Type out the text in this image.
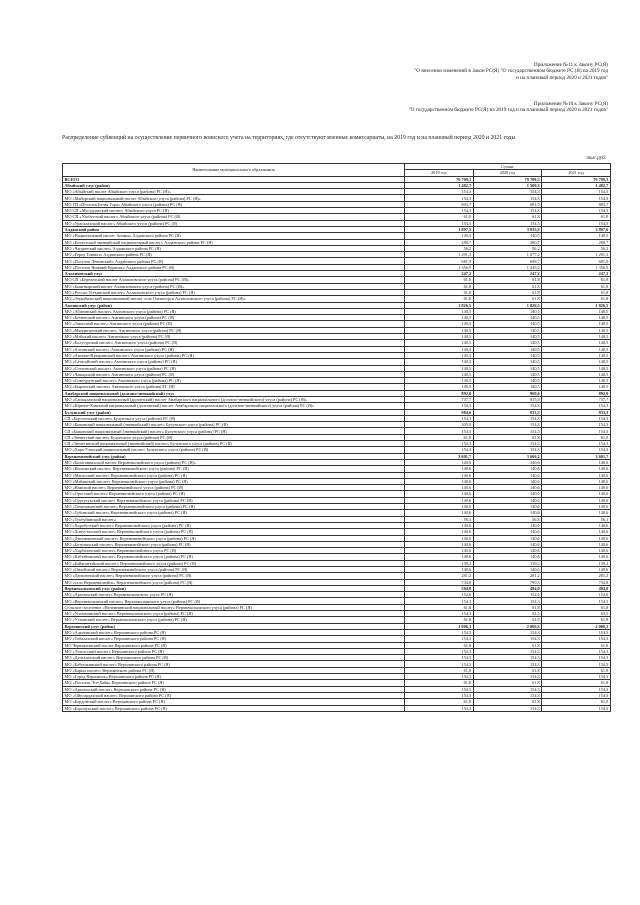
Приложение №11 к Закону РС(Я)
"О внесении изменений в Закон РС(Я) "О государственном бюджете РС (Я) на 2019 год
и на плановый период 2020 и 2021 годов"
Приложение №18 к Закону РС(Я)
"О государственном бюджете РС(Я) на 2019 год и на плановый период 2020 и 2021 годов"
Распределение субвенций на осуществление первичного воинского учета на территориях, где отсутствуют военные комиссариаты, на 2019 год и на плановый период 2020 и 2021 годы
тыс.руб.
Наименование муниципального образования	Сумма		
	2019 год	2020 год	2021 год
ВСЕГО	79 709,3	79 709,3	79 709,3
Абыйский улус (район)	1 482,7	1 500,3	1 482,7
МО «Абыйский наслег Абыйского улуса (района) РС (Я)»	154,3	154,3	154,3
МО «Майорский национальный наслег Абыйского улуса (района) РС (Я)»	154,3	154,3	154,3
МО ГП «Поселок Белая Гора» Абыйского улуса (района) РС (Я)	803,7	681,9	803,7
МО СП «Мугурдахский наслег» Абыйского улуса РС (Я)	154,3	154,3	154,3
МО СП «Ульбутский наслег» Абыйского улуса (района) РС (Я)	61,8	61,8	61,8
МО «Урасалахский наслег» Абыйского улуса (района) РС (Я)	154,3	154,3	154,3
Алданский район	3 897,5	3 835,3	3 897,6
МО «Национальный наслег Анамы» Алданского района РС (Я)	140,5	140,5	140,5
МО «Беллетский эвенкийский национальный наслег» Алданского района РС (Я)	280,7	280,7	280,7
МО «Чагдинский наслег» Алданского района РС (Я)	56,2	56,2	56,2
МО «Город Томмот» Алданского района РС (Я)	1 291,3	1 077,2	1 291,3
МО «Поселок Ленинский» Алданского района РС (Я)	681,9	698,7	681,9
МО «Поселок Нижний Куранах» Алданского района РС (Я)	1 356,9	1 345,2	1 356,9
Аллаиховский улус	247,2	247,2	247,2
МО СП «Берелехский наслег Аллаиховского улуса (района) РС (Я)»	61,8	61,8	61,8
МО «Быягнырский наслег Аллаиховского улуса (района) РС (Я)»	61,8	61,8	61,8
МО «Русско-Устьинский наслег» Аллаиховского улуса (района) РС (Я)	61,8	61,8	61,8
МО «Эндыбальский национальный наслег села Оленегорск Аллаиховского улуса (района) РС (Я)»	61,8	61,8	61,8
Амгинский улус (район)	1 826,5	1 826,5	1 826,5
МО «Абагинский наслег» Амгинского улуса (района) РС (Я)	140,5	140,5	140,5
МО «Бетюнский наслег» Амгинского улуса (района) РС (Я)	140,5	140,5	140,5
МО «Эмисский наслег» Амгинского улуса (района) РС (Я)	140,5	140,5	140,5
МО «Мяндигинский наслег» Амгинского улуса (района) РС (Я)	140,5	140,5	140,5
МО «Мэйский наслег» Амгинского улуса (района) РС (Я)	140,5	140,5	140,5
МО «Болугурский наслег» Амгинского улуса (района) РС (Я)	140,5	140,5	140,5
МО «Алтанский наслег» Амгинского улуса (района) РС (Я)	140,5	140,5	140,5
МО «Амгино-Нахаринский наслег» Амгинского улуса (района) РС (Я)	140,5	140,5	140,5
МО «Сатагайский наслег» Амгинского улуса (района) РС (Я)	140,5	140,5	140,5
МО «Соттинский наслег» Амгинского улуса (района) РС (Я)	140,5	140,5	140,5
МО «Чакырский наслег» Амгинского улуса (района) РС (Я)	140,5	140,5	140,5
МО «Сомоурунский наслег» Амгинского улуса (района) РС (Я)	140,5	140,5	140,5
МО «Бырамский наслег» Амгинского улуса (района) РС (Я)	140,5	140,5	140,5
Анабарский национальный (долгано-эвенкийский) улус	892,0	969,6	892,0
МО «Саскылахский национальный (долганский) наслег Анабарского национального (долгано-эвенкийского) улуса (района) РС (Я)»	737,7	815,3	737,7
МО «Юрюнг-Хаинский национальный (долганский) наслег Анабарского национального (долгано-эвенкийского) улуса (района) РС (Я)»	154,3	154,3	154,3
Булунский улус (район)	984,6	833,3	833,3
СП «Борогонский наслег» Булунского улуса (района) РС (Я)	154,3	154,3	154,3
МО «Быковский национальный (эвенкийский) наслег» Булунского улуса (района) РС (Я)	305,0	154,3	154,3
СП «Быковский национальный (эвенкийский) наслег» Булунского улуса (района) РС (Я)	154,3	154,3	154,3
СП «Тюметский наслег» Булунского улуса (района) РС (Я)	61,8	61,8	61,8
СП «Тюметинский национальный (эвенкийский) наслег» Булунского улуса (района) РС (Я)	154,3	154,3	154,3
МО «Хара-Улахский национальный наслег» Булунского улуса (района) РС (Я)	154,3	154,3	154,3
Верхневилюйский улус (район)	3 601,7	3 666,2	3 601,7
МО «Балаганнахский наслег Верхневилюйского улуса (района) РС (Я)»	140,6	140,6	140,6
МО «Кентикский наслег» Верхневилюйского улуса (района) РС (Я)	140,6	140,6	140,6
МО «Магасский наслег» Верхневилюйского улуса (района) РС (Я)	140,6	140,6	140,6
МО «Мэйикский наслег» Верхневилюйского улуса (района) РС (Я)	140,6	140,6	140,6
МО «Намский наслег» Верхневилюйского улуса (района) РС (Я)	140,6	140,6	140,6
МО «Оросский наслег» Верхневилюйского улуса (района) РС (Я)	140,6	140,6	140,6
МО «Сургулукский наслег» Верхневилюйского улуса (района) РС (Я)	140,6	140,6	140,6
МО «Тамалаканский наслег» Верхневилюйского улуса (района) РС (Я)	140,6	140,6	140,6
МО «Тубинский наслег» Верхневилюйского улуса (района) РС (Я)	140,6	140,6	140,6
МО «Туобуйинский наслег»	56,3	56,3	56,1
МО «Хоробутский наслег» Верхневилюйского улуса (района) РС (Я)	140,6	140,6	140,6
МО «Хомустахский наслег» Верхневилюйского улуса (района) РС (Я)	140,6	140,6	140,6
МО «Дюллюкинский наслег» Верхневилюйского улуса (района) РС (Я)	140,6	140,6	140,6
МО «Ботулинский наслег» Верхневилюйского улуса (района) РС (Я)	140,6	140,6	140,6
МО «Харбалахский наслег» Верхневилюйского улуса РС (Я)	140,6	140,6	140,6
МО «Кэбээйинский наслег» Верхневилюйского улуса (района) РС (Я)	140,6	140,6	140,6
МО «Байагантайский наслег» Верхневилюйского улуса (района) РС (Я)	139,2	139,2	139,2
МО «Онхойский наслег» Верхневилюйского улуса (района) РС (Я)	140,6	140,6	140,6
МО «Дюпсюнский наслег» Верхневилюйского улуса (района) РС (Я)	281,2	281,2	281,2
МО «село Верхневилюйск» Верхневилюйского улуса (района) РС (Я)	734,8	799,3	734,8
Верхнеколымский улус (район)	584,8	494,0	494,0
МО «Арылахский наслег» Верхнеколымского улуса РС (Я)	152,6	152,6	152,6
МО «Верхнеколымский наслег» Верхнеколымского улуса (района) РС (Я)	154,3	154,3	154,3
Сельское поселение «Нелемнинский национальный наслег» Верхнеколымского улуса (района) РС (Я)	61,8	61,8	61,8
МО «Угольнинский наслег» Верхнеколымского улуса (района) РС (Я)	154,3	63,5	63,5
МО «Утаинский наслег» Верхнеколымского улуса (района) РС (Я)	61,8	61,8	61,8
Верхоянский улус (район)	2 006,3	2 006,3	2 006,3
МО «Адычанский наслег» Верхоянского района РС (Я)	154,3	154,3	154,3
МО «Табалахский наслег» Верхоянского района РС (Я)	154,3	154,3	154,3
МО Черюмчинский наслег Верхоянского района РС (Я)	61,8	61,8	61,8
МО «Эльгэсский наслег» Верхоянского района РС (Я)	154,3	154,3	154,3
МО «Дулгалахский наслег» Верхоянского района РС (Я)	154,3	154,3	154,3
МО «Бабушкинский наслег» Верхоянского района РС (Я)	154,3	154,3	154,3
МО «Барыл наслег» Верхоянского района РС (Я)	61,8	61,8	61,8
МО «Город Верхоянск» Верхоянского района РС (Я)	154,3	154,3	154,3
МО «Поселок Эге-Хайя» Верхоянского района РС (Я)	61,8	61,8	61,8
МО «Арылахский наслег» Верхоянского района РС (Я)	154,3	154,3	154,3
МО «Ойусардахский наслег» Верхоянского района РС (Я)	154,3	154,3	154,3
МО «Бордонский наслег» Верхоянского района РС (Я)	61,8	61,8	61,8
МО «Боронукский наслег» Верхоянского района РС (Я)	154,3	154,3	154,3
